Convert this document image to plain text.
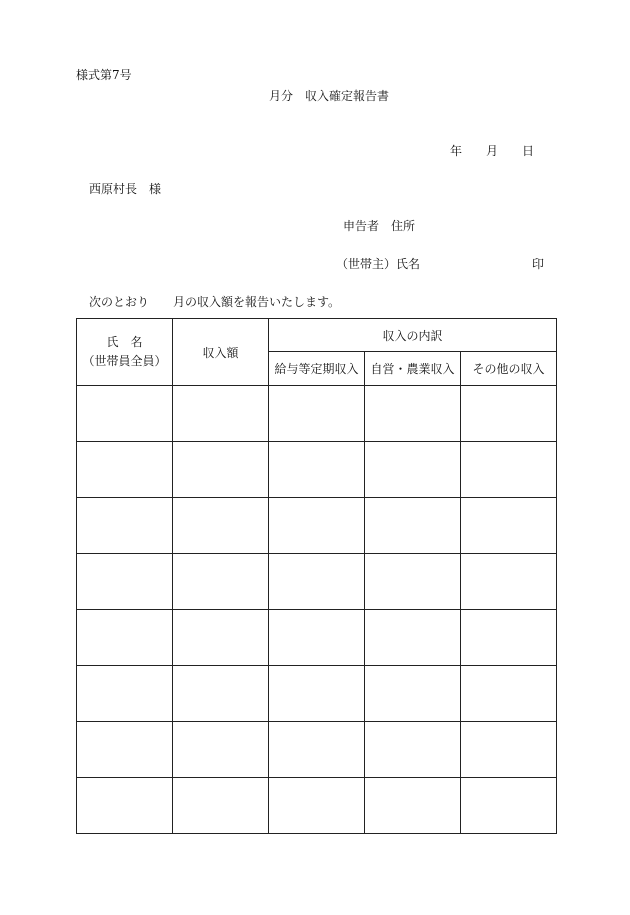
様式第7号
月分　収入確定報告書
年 月 日
西原村長　様
申告者　住所
（世帯主）氏名	印
次のとおり　　月の収入額を報告いたします。
氏　名
（世帯員全員）	収入額	収入の内訳		
		給与等定期収入	自営・農業収入	その他の収入
